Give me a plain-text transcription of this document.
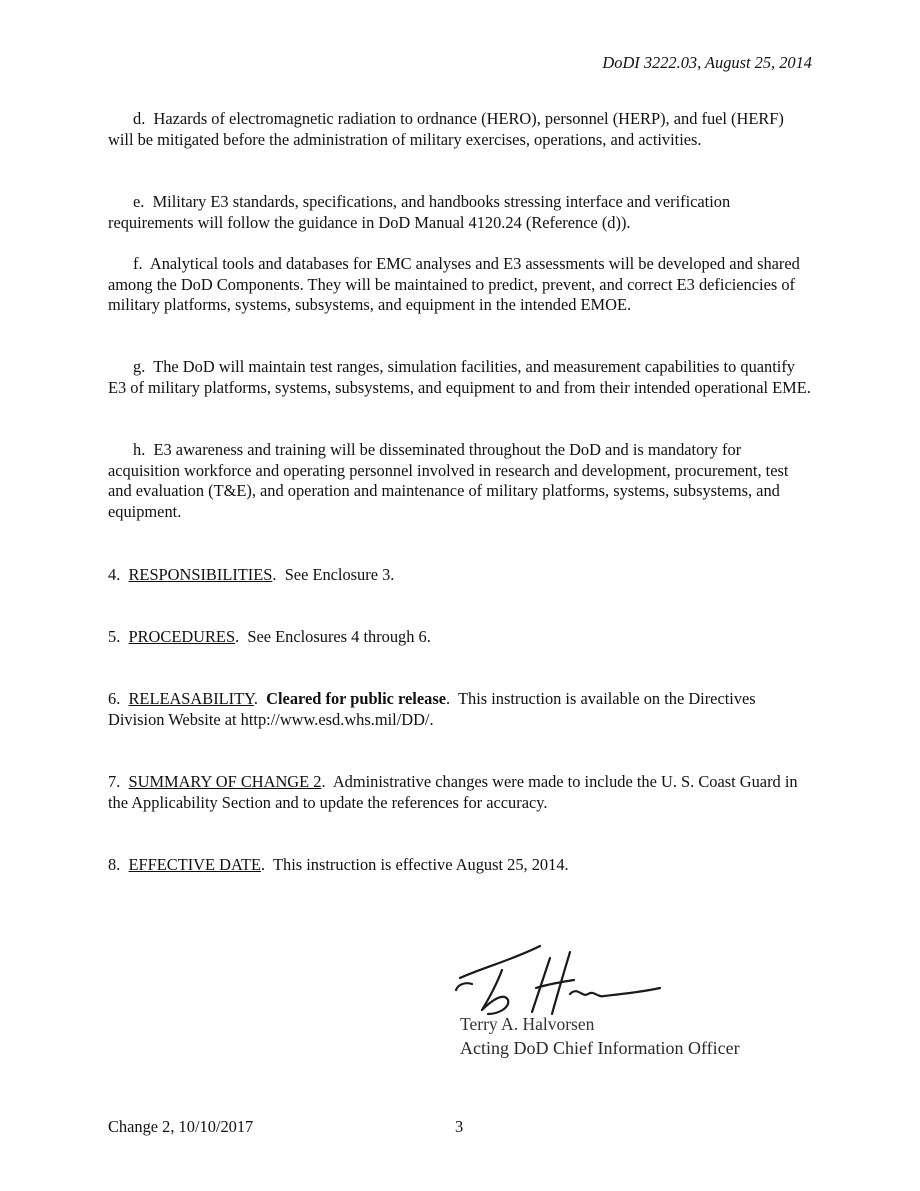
DoDI 3222.03, August 25, 2014

d. Hazards of electromagnetic radiation to ordnance (HERO), personnel (HERP), and fuel (HERF) will be mitigated before the administration of military exercises, operations, and activities.

e. Military E3 standards, specifications, and handbooks stressing interface and verification requirements will follow the guidance in DoD Manual 4120.24 (Reference (d)).

f. Analytical tools and databases for EMC analyses and E3 assessments will be developed and shared among the DoD Components. They will be maintained to predict, prevent, and correct E3 deficiencies of military platforms, systems, subsystems, and equipment in the intended EMOE.

g. The DoD will maintain test ranges, simulation facilities, and measurement capabilities to quantify E3 of military platforms, systems, subsystems, and equipment to and from their intended operational EME.

h. E3 awareness and training will be disseminated throughout the DoD and is mandatory for acquisition workforce and operating personnel involved in research and development, procurement, test and evaluation (T&E), and operation and maintenance of military platforms, systems, subsystems, and equipment.

4. RESPONSIBILITIES.  See Enclosure 3.

5. PROCEDURES.  See Enclosures 4 through 6.

6. RELEASABILITY.  Cleared for public release.  This instruction is available on the Directives Division Website at http://www.esd.whs.mil/DD/.

7. SUMMARY OF CHANGE 2.  Administrative changes were made to include the U. S. Coast Guard in the Applicability Section and to update the references for accuracy.

8. EFFECTIVE DATE.  This instruction is effective August 25, 2014.

Terry A. Halvorsen
Acting DoD Chief Information Officer
Change 2, 10/10/2017	3
